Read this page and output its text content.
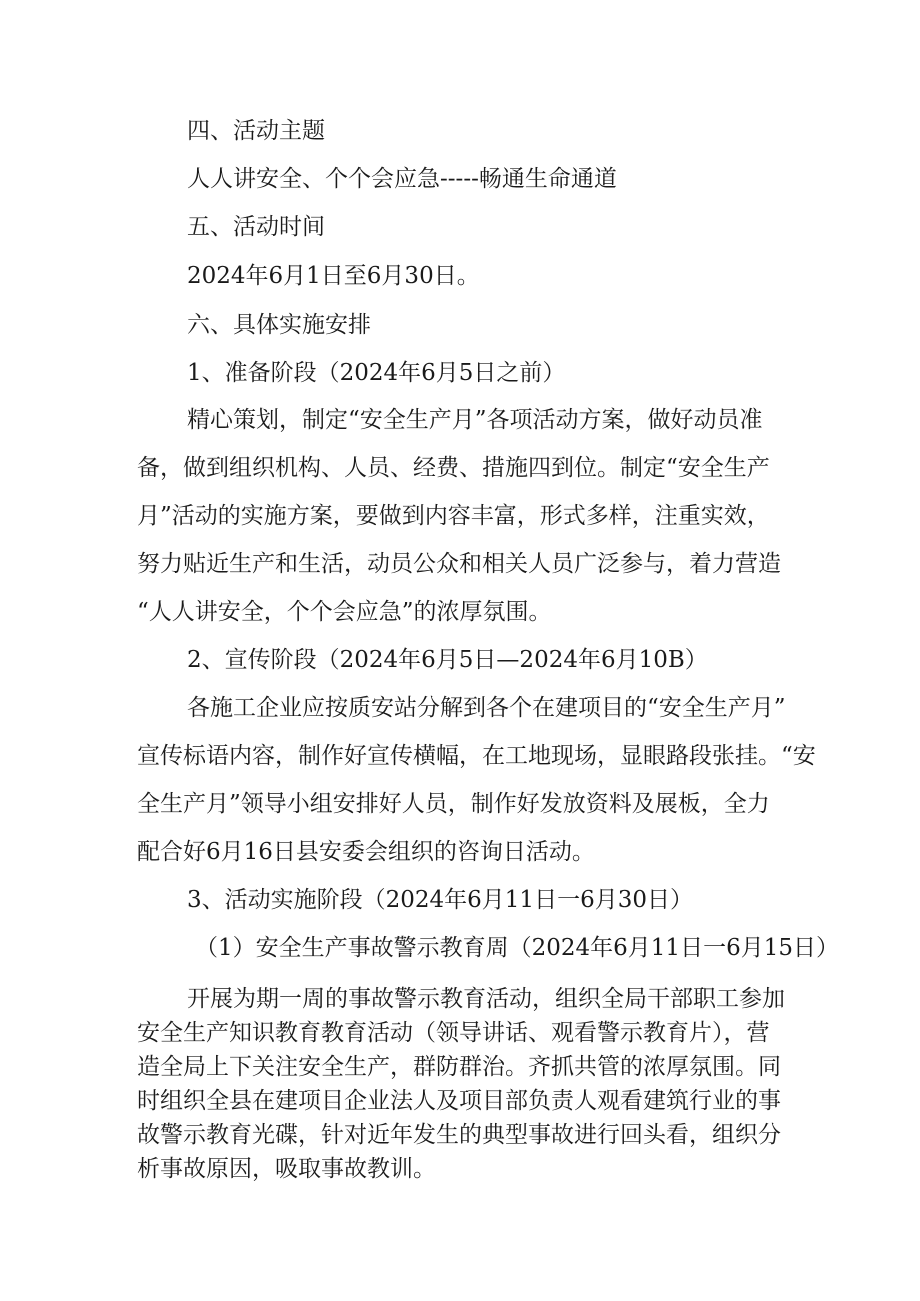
四、活动主题
人人讲安全、个个会应急-----畅通生命通道
五、活动时间
2024年6月1日至6月30日。
六、具体实施安排
1、准备阶段（2024年6月5日之前）
精心策划，制定“安全生产月”各项活动方案，做好动员准
备，做到组织机构、人员、经费、措施四到位。制定“安全生产
月”活动的实施方案，要做到内容丰富，形式多样，注重实效，
努力贴近生产和生活，动员公众和相关人员广泛参与，着力营造
“人人讲安全，个个会应急”的浓厚氛围。
2、宣传阶段（2024年6月5日—2024年6月10B）
各施工企业应按质安站分解到各个在建项目的“安全生产月”
宣传标语内容，制作好宣传横幅，在工地现场，显眼路段张挂。“安
全生产月”领导小组安排好人员，制作好发放资料及展板，全力
配合好6月16日县安委会组织的咨询日活动。
3、活动实施阶段（2024年6月11日一6月30日）
（1）安全生产事故警示教育周（2024年6月11日一6月15日）
开展为期一周的事故警示教育活动，组织全局干部职工参加
安全生产知识教育教育活动（领导讲话、观看警示教育片），营
造全局上下关注安全生产，群防群治。齐抓共管的浓厚氛围。同
时组织全县在建项目企业法人及项目部负责人观看建筑行业的事
故警示教育光碟，针对近年发生的典型事故进行回头看，组织分
析事故原因，吸取事故教训。
